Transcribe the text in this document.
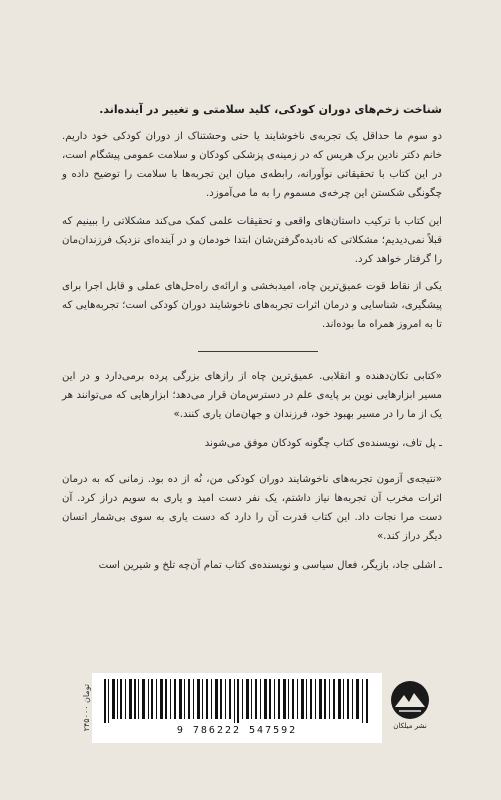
شناخت زخم‌های دوران کودکی، کلید سلامتی و تغییر در آینده‌اند.
دو سوم ما حداقل یک تجربه‌ی ناخوشایند یا حتی وحشتناک از دوران کودکی خود داریم. خانم دکتر نادین برک هریس که در زمینه‌ی پزشکی کودکان و سلامت عمومی پیشگام است، در این کتاب با تحقیقاتی نوآورانه، رابطه‌ی میان این تجربه‌ها با سلامت را توضیح داده و چگونگی شکستن این چرخه‌ی مسموم را به ما می‌آموزد.
این کتاب با ترکیب داستان‌های واقعی و تحقیقات علمی کمک می‌کند مشکلاتی را ببینیم که قبلاً نمی‌دیدیم؛ مشکلاتی که نادیده‌گرفتن‌شان ابتدا خودمان و در آینده‌ای نزدیک فرزندان‌مان را گرفتار خواهد کرد.
یکی از نقاط قوت عمیق‌ترین چاه، امیدبخشی و ارائه‌ی راه‌حل‌های عملی و قابل اجرا برای پیشگیری، شناسایی و درمان اثرات تجربه‌های ناخوشایند دوران کودکی است؛ تجربه‌هایی که تا به امروز همراه ما بوده‌اند.
«کتابی تکان‌دهنده و انقلابی. عمیق‌ترین چاه از رازهای بزرگی پرده برمی‌دارد و در این مسیر ابزارهایی نوین بر پایه‌ی علم در دسترس‌مان قرار می‌دهد؛ ابزارهایی که می‌توانند هر یک از ما را در مسیر بهبود خود، فرزندان و جهان‌مان یاری کنند.»
ـ پل تاف، نویسنده‌ی کتاب چگونه کودکان موفق می‌شوند
«نتیجه‌ی آزمون تجربه‌های ناخوشایند دوران کودکی من، نُه از ده بود. زمانی که به درمان اثرات مخرب آن تجربه‌ها نیاز داشتم، یک نفر دست امید و یاری به سویم دراز کرد. آن دست مرا نجات داد. این کتاب قدرت آن را دارد که دست یاری به سوی بی‌شمار انسان دیگر دراز کند.»
ـ اشلی جاد، بازیگر، فعال سیاسی و نویسنده‌ی کتاب تمام آن‌چه تلخ و شیرین است
۲۴۵۰۰۰ تومان
9 786222 547592	نشر میلکان
